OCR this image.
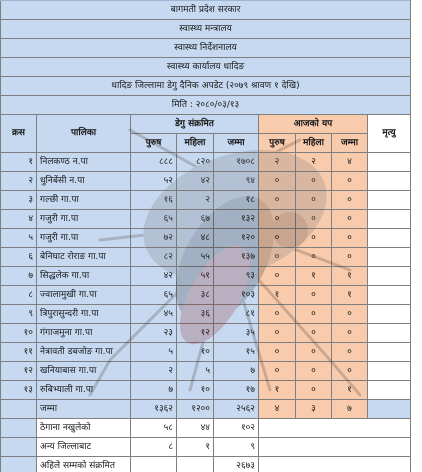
बागमती प्रदेश सरकार								
स्वास्थ्य मन्त्रालय								
स्वास्थ्य निर्देशनालय								
स्वास्थ्य कार्यालय धादिङ								
धादिङ जिल्लामा डेगु दैनिक अपडेट (२०७९ श्रावण १ देखि)								
मिति : २०८०/०३/१३								
क्रस	पालिका	डेगु संक्रमित			आजको यप			मृत्यु
		पुरुष	महिला	जम्मा	पुरुष	महिला	जम्मा	
१	निलकण्ठ न.पा	८८८	८२०	१७०८	२	२	४	
२	धुनिबेंसी न.पा	५२	४२	९४	०	०	०	
३	गल्छी गा.पा	१६	२	१८	०	०	०	
४	गजुरी गा.पा	६५	६७	१३२	०	०	०	
५	गजुरी गा.पा	७२	४८	१२०	०	०	०	
६	बेनिघाट रोराङ गा.पा	८२	५५	१३७	०	०	०	
७	सिद्धलेक गा.पा	४२	५१	९३	०	१	१	
८	ज्वालामुखी गा.पा	६५	३८	१०३	१	०	१	
९	त्रिपुरासुन्दरी गा.पा	४५	३६	८१	०	०	०	
१०	गंगाजमुना गा.पा	२३	१२	३५	०	०	०	
११	नेत्रावती डबजोङ गा.पा	५	१०	१५	०	०	०	
१२	खनियाबास गा.पा	२	५	७	०	०	०	
१३	रुबिभ्याली गा.पा	७	१०	१७	१	०	१	
	जम्मा	१३६२	१२००	२५६२	४	३	७	
	ठेगाना नखुलेको	५८	४४	१०२				
	अन्य जिल्लाबाट	८	१	९				
	अहिले सम्मको संक्रमित			२६७३				
